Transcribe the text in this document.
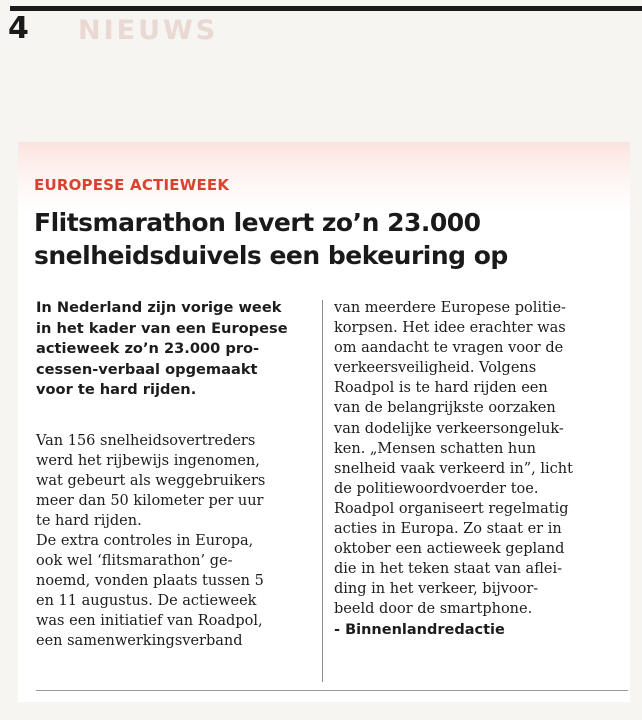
4 NIEUWS
EUROPESE ACTIEWEEK
Flitsmarathon levert zo’n 23.000
snelheidsduivels een bekeuring op
In Nederland zijn vorige week
in het kader van een Europese
actieweek zo’n 23.000 pro-
cessen-verbaal opgemaakt
voor te hard rijden.
Van 156 snelheidsovertreders
werd het rijbewijs ingenomen,
wat gebeurt als weggebruikers
meer dan 50 kilometer per uur
te hard rijden.
De extra controles in Europa,
ook wel ‘flitsmarathon’ ge-
noemd, vonden plaats tussen 5
en 11 augustus. De actieweek
was een initiatief van Roadpol,
een samenwerkingsverband
van meerdere Europese politie-
korpsen. Het idee erachter was
om aandacht te vragen voor de
verkeersveiligheid. Volgens
Roadpol is te hard rijden een
van de belangrijkste oorzaken
van dodelijke verkeersongeluk-
ken. „Mensen schatten hun
snelheid vaak verkeerd in”, licht
de politiewoordvoerder toe.
Roadpol organiseert regelmatig
acties in Europa. Zo staat er in
oktober een actieweek gepland
die in het teken staat van aflei-
ding in het verkeer, bijvoor-
beeld door de smartphone.
- Binnenlandredactie
